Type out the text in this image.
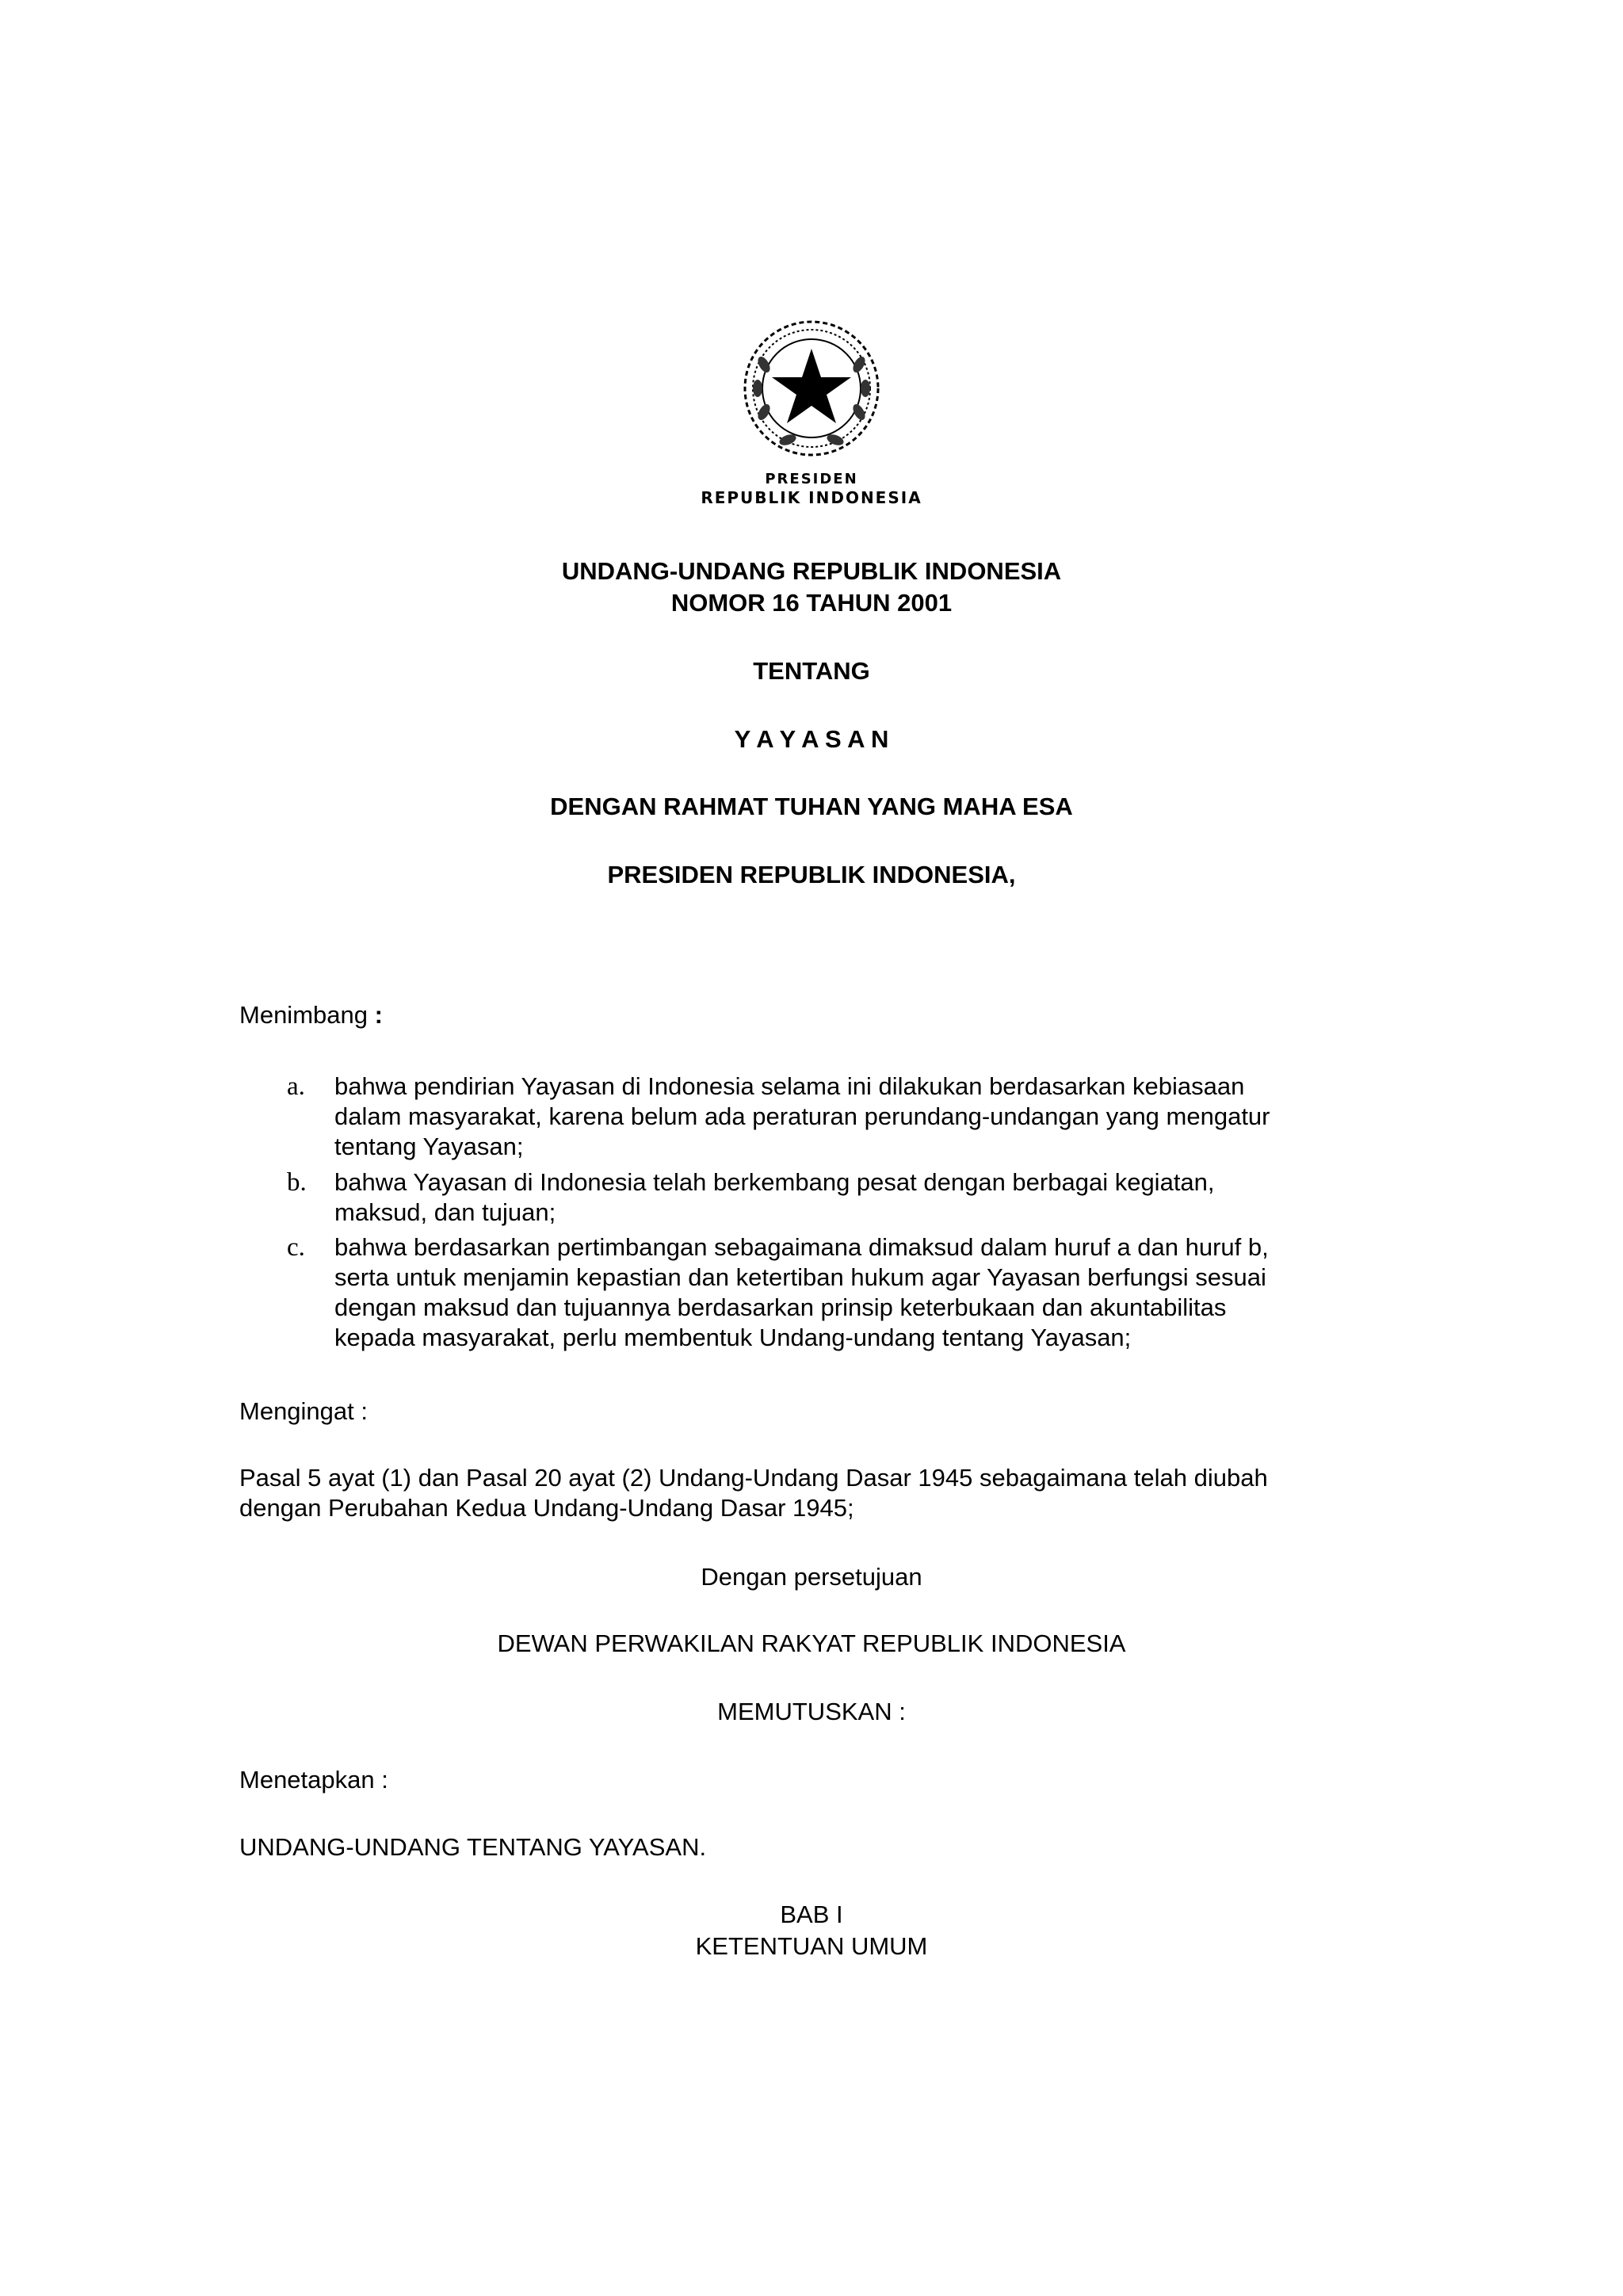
PRESIDEN
REPUBLIK INDONESIA
UNDANG-UNDANG REPUBLIK INDONESIA
NOMOR 16 TAHUN 2001
TENTANG
Y A Y A S A N
DENGAN RAHMAT TUHAN YANG MAHA ESA
PRESIDEN REPUBLIK INDONESIA,
Menimbang :
a. bahwa pendirian Yayasan di Indonesia selama ini dilakukan berdasarkan kebiasaan
dalam masyarakat, karena belum ada peraturan perundang-undangan yang mengatur
tentang Yayasan;
b. bahwa Yayasan di Indonesia telah berkembang pesat dengan berbagai kegiatan,
maksud, dan tujuan;
c. bahwa berdasarkan pertimbangan sebagaimana dimaksud dalam huruf a dan huruf b,
serta untuk menjamin kepastian dan ketertiban hukum agar Yayasan berfungsi sesuai
dengan maksud dan tujuannya berdasarkan prinsip keterbukaan dan akuntabilitas
kepada masyarakat, perlu membentuk Undang-undang tentang Yayasan;
Mengingat :
Pasal 5 ayat (1) dan Pasal 20 ayat (2) Undang-Undang Dasar 1945 sebagaimana telah diubah
dengan Perubahan Kedua Undang-Undang Dasar 1945;
Dengan persetujuan
DEWAN PERWAKILAN RAKYAT REPUBLIK INDONESIA
MEMUTUSKAN :
Menetapkan :
UNDANG-UNDANG TENTANG YAYASAN.
BAB I
KETENTUAN UMUM
